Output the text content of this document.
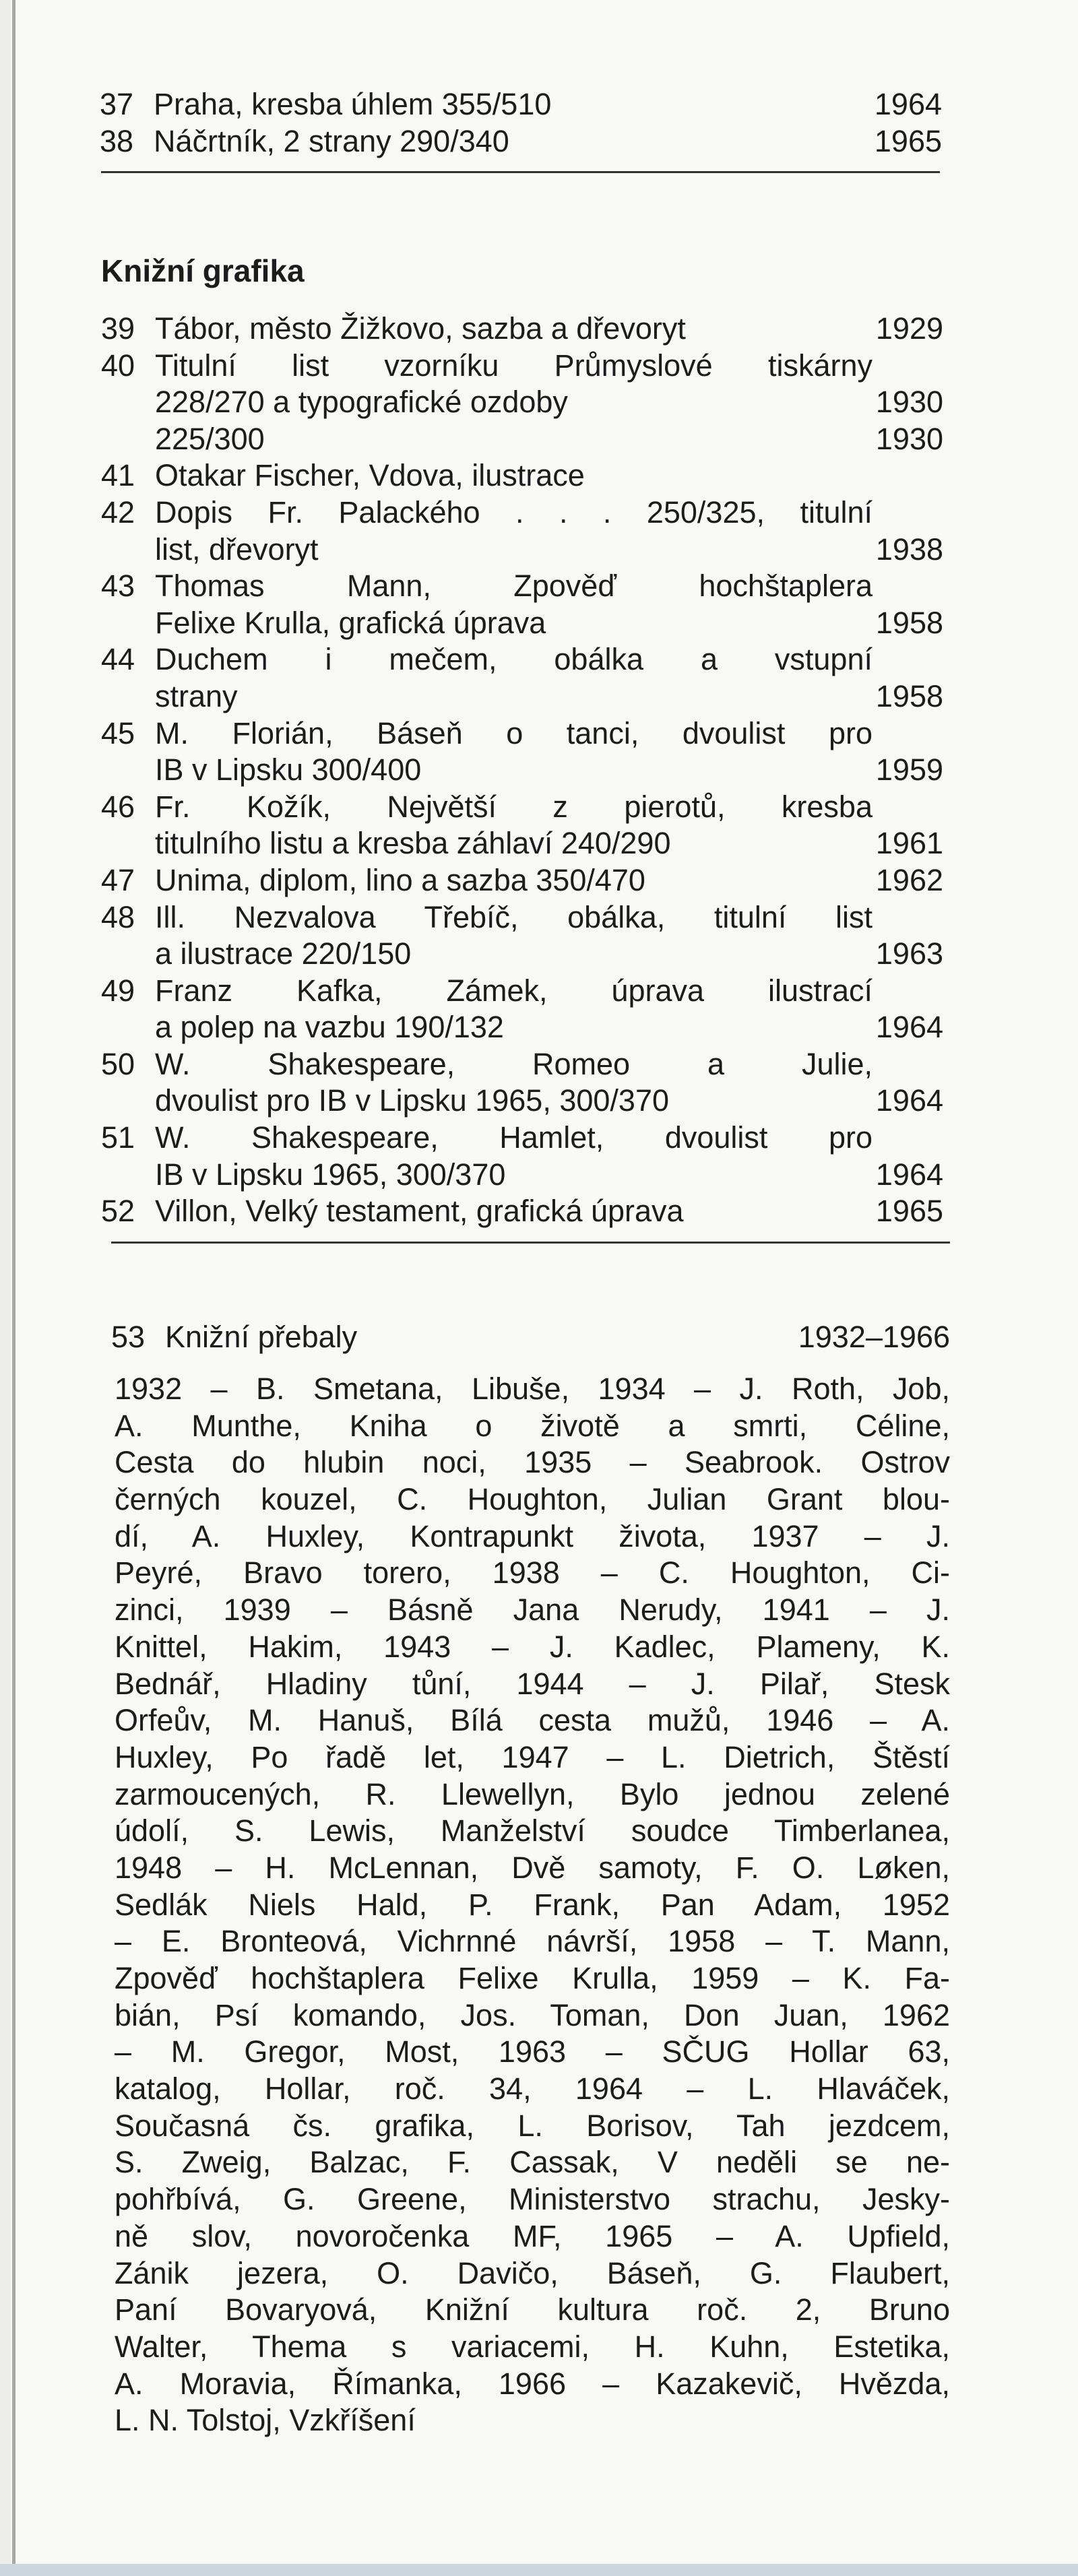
37 Praha, kresba úhlem 355/510	1964
38 Náčrtník, 2 strany 290/340	1965
Knižní grafika
39 Tábor, město Žižkovo, sazba a dřevoryt	1929
40 Titulní list vzorníku Průmyslové tiskárny
228/270 a typografické ozdoby	1930
225/300	1930
41 Otakar Fischer, Vdova, ilustrace
42 Dopis Fr. Palackého . . . 250/325, titulní
list, dřevoryt	1938
43 Thomas Mann, Zpověď hochštaplera
Felixe Krulla, grafická úprava	1958
44 Duchem i mečem, obálka a vstupní
strany	1958
45 M. Florián, Báseň o tanci, dvoulist pro
IB v Lipsku 300/400	1959
46 Fr. Kožík, Největší z pierotů, kresba
titulního listu a kresba záhlaví 240/290	1961
47 Unima, diplom, lino a sazba 350/470	1962
48 Ill. Nezvalova Třebíč, obálka, titulní list
a ilustrace 220/150	1963
49 Franz Kafka, Zámek, úprava ilustrací
a polep na vazbu 190/132	1964
50 W. Shakespeare, Romeo a Julie,
dvoulist pro IB v Lipsku 1965, 300/370	1964
51 W. Shakespeare, Hamlet, dvoulist pro
IB v Lipsku 1965, 300/370	1964
52 Villon, Velký testament, grafická úprava	1965
53 Knižní přebaly	1932–1966
1932 – B. Smetana, Libuše, 1934 – J. Roth, Job,
A. Munthe, Kniha o životě a smrti, Céline,
Cesta do hlubin noci, 1935 – Seabrook. Ostrov
černých kouzel, C. Houghton, Julian Grant blou-
dí, A. Huxley, Kontrapunkt života, 1937 – J.
Peyré, Bravo torero, 1938 – C. Houghton, Ci-
zinci, 1939 – Básně Jana Nerudy, 1941 – J.
Knittel, Hakim, 1943 – J. Kadlec, Plameny, K.
Bednář, Hladiny tůní, 1944 – J. Pilař, Stesk
Orfeův, M. Hanuš, Bílá cesta mužů, 1946 – A.
Huxley, Po řadě let, 1947 – L. Dietrich, Štěstí
zarmoucených, R. Llewellyn, Bylo jednou zelené
údolí, S. Lewis, Manželství soudce Timberlanea,
1948 – H. McLennan, Dvě samoty, F. O. Løken,
Sedlák Niels Hald, P. Frank, Pan Adam, 1952
– E. Bronteová, Vichrnné návrší, 1958 – T. Mann,
Zpověď hochštaplera Felixe Krulla, 1959 – K. Fa-
bián, Psí komando, Jos. Toman, Don Juan, 1962
– M. Gregor, Most, 1963 – SČUG Hollar 63,
katalog, Hollar, roč. 34, 1964 – L. Hlaváček,
Současná čs. grafika, L. Borisov, Tah jezdcem,
S. Zweig, Balzac, F. Cassak, V neděli se ne-
pohřbívá, G. Greene, Ministerstvo strachu, Jesky-
ně slov, novoročenka MF, 1965 – A. Upfield,
Zánik jezera, O. Davičo, Báseň, G. Flaubert,
Paní Bovaryová, Knižní kultura roč. 2, Bruno
Walter, Thema s variacemi, H. Kuhn, Estetika,
A. Moravia, Římanka, 1966 – Kazakevič, Hvězda,
L. N. Tolstoj, Vzkříšení
